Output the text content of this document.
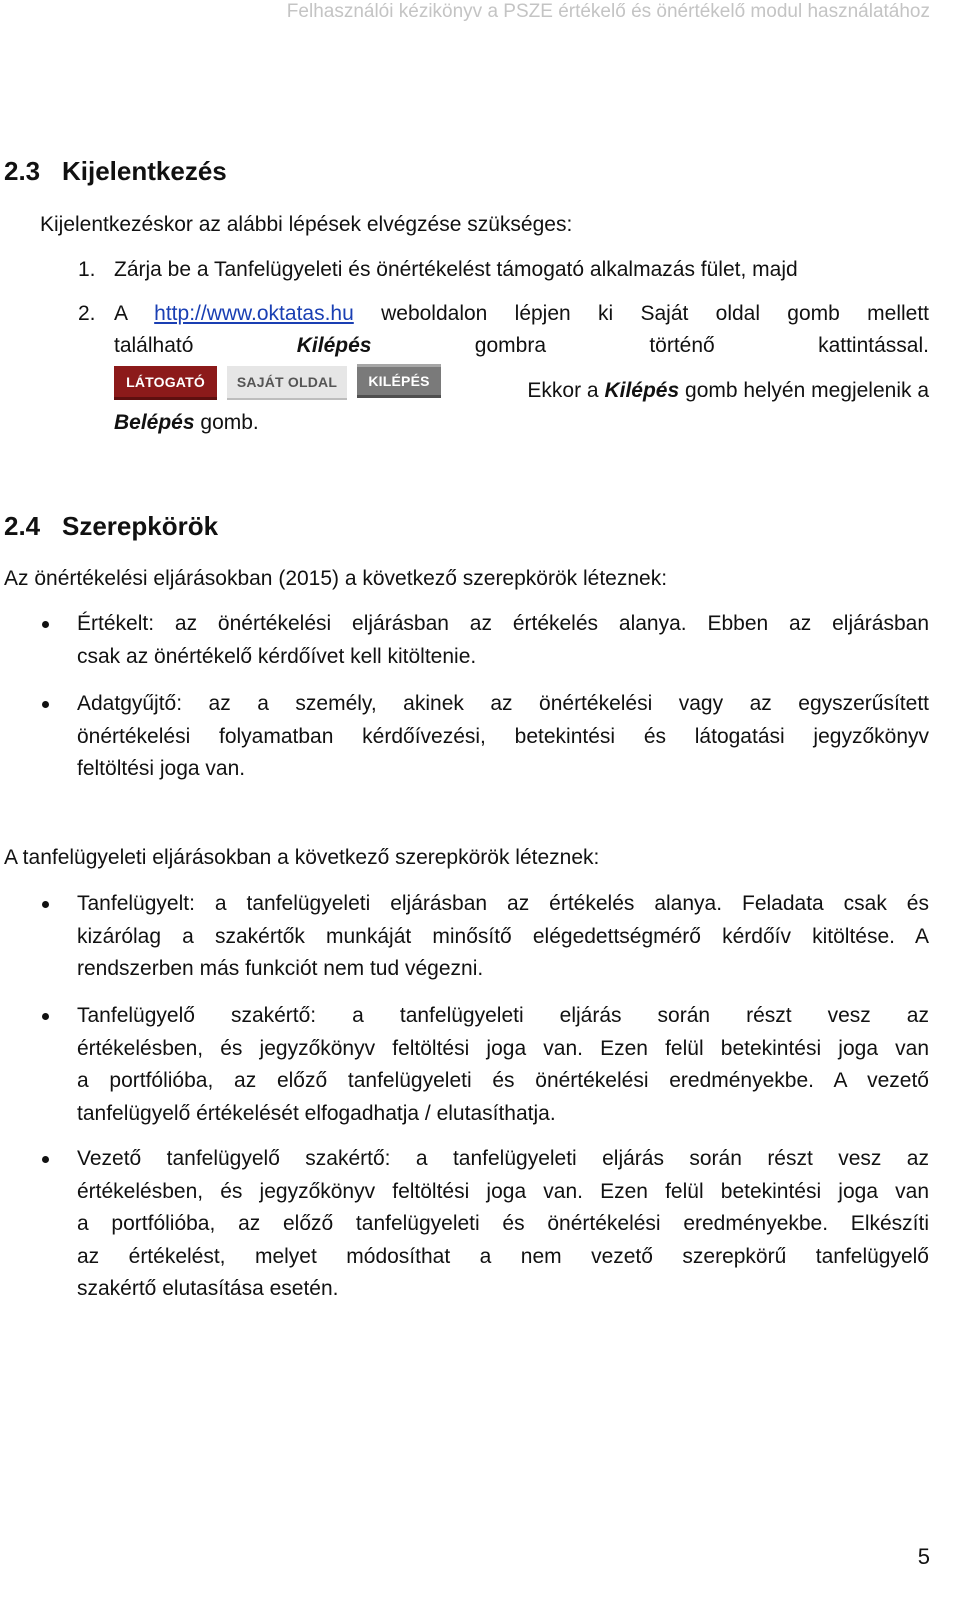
Felhasználói kézikönyv a PSZE értékelő és önértékelő modul használatához
2.3 Kijelentkezés

Kijelentkezéskor az alábbi lépések elvégzése szükséges:

1. Zárja be a Tanfelügyeleti és önértékelést támogató alkalmazás fület, majd

2. A http://www.oktatas.hu weboldalon lépjen ki Saját oldal gomb mellett
található	Kilépés	gombra	történő	kattintással.
LÁTOGATÓ	SAJÁT OLDAL	KILÉPÉS	Ekkor a Kilépés gomb helyén megjelenik a

Belépés gomb.

2.4 Szerepkörök

Az önértékelési eljárásokban (2015) a következő szerepkörök léteznek:

Értékelt: az önértékelési eljárásban az értékelés alanya. Ebben az eljárásban
csak az önértékelő kérdőívet kell kitöltenie.
Adatgyűjtő: az a személy, akinek az önértékelési vagy az egyszerűsített
önértékelési folyamatban kérdőívezési, betekintési és látogatási jegyzőkönyv
feltöltési joga van.

A tanfelügyeleti eljárásokban a következő szerepkörök léteznek:

Tanfelügyelt: a tanfelügyeleti eljárásban az értékelés alanya. Feladata csak és
kizárólag a szakértők munkáját minősítő elégedettségmérő kérdőív kitöltése. A
rendszerben más funkciót nem tud végezni.
Tanfelügyelő szakértő: a tanfelügyeleti eljárás során részt vesz az
értékelésben, és jegyzőkönyv feltöltési joga van. Ezen felül betekintési joga van
a portfólióba, az előző tanfelügyeleti és önértékelési eredményekbe. A vezető
tanfelügyelő értékelését elfogadhatja / elutasíthatja.
Vezető tanfelügyelő szakértő: a tanfelügyeleti eljárás során részt vesz az
értékelésben, és jegyzőkönyv feltöltési joga van. Ezen felül betekintési joga van
a portfólióba, az előző tanfelügyeleti és önértékelési eredményekbe. Elkészíti
az értékelést, melyet módosíthat a nem vezető szerepkörű tanfelügyelő
szakértő elutasítása esetén.
5
